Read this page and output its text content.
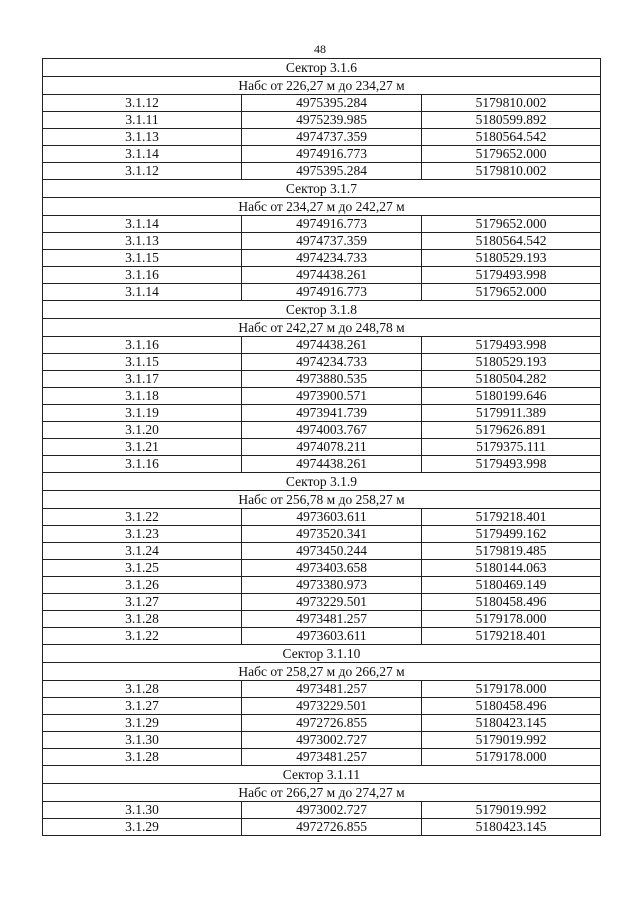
48
Сектор 3.1.6		
Набс от 226,27 м до 234,27 м		
3.1.12	4975395.284	5179810.002
3.1.11	4975239.985	5180599.892
3.1.13	4974737.359	5180564.542
3.1.14	4974916.773	5179652.000
3.1.12	4975395.284	5179810.002
Сектор 3.1.7		
Набс от 234,27 м до 242,27 м		
3.1.14	4974916.773	5179652.000
3.1.13	4974737.359	5180564.542
3.1.15	4974234.733	5180529.193
3.1.16	4974438.261	5179493.998
3.1.14	4974916.773	5179652.000
Сектор 3.1.8		
Набс от 242,27 м до 248,78 м		
3.1.16	4974438.261	5179493.998
3.1.15	4974234.733	5180529.193
3.1.17	4973880.535	5180504.282
3.1.18	4973900.571	5180199.646
3.1.19	4973941.739	5179911.389
3.1.20	4974003.767	5179626.891
3.1.21	4974078.211	5179375.111
3.1.16	4974438.261	5179493.998
Сектор 3.1.9		
Набс от 256,78 м до 258,27 м		
3.1.22	4973603.611	5179218.401
3.1.23	4973520.341	5179499.162
3.1.24	4973450.244	5179819.485
3.1.25	4973403.658	5180144.063
3.1.26	4973380.973	5180469.149
3.1.27	4973229.501	5180458.496
3.1.28	4973481.257	5179178.000
3.1.22	4973603.611	5179218.401
Сектор 3.1.10		
Набс от 258,27 м до 266,27 м		
3.1.28	4973481.257	5179178.000
3.1.27	4973229.501	5180458.496
3.1.29	4972726.855	5180423.145
3.1.30	4973002.727	5179019.992
3.1.28	4973481.257	5179178.000
Сектор 3.1.11		
Набс от 266,27 м до 274,27 м		
3.1.30	4973002.727	5179019.992
3.1.29	4972726.855	5180423.145
